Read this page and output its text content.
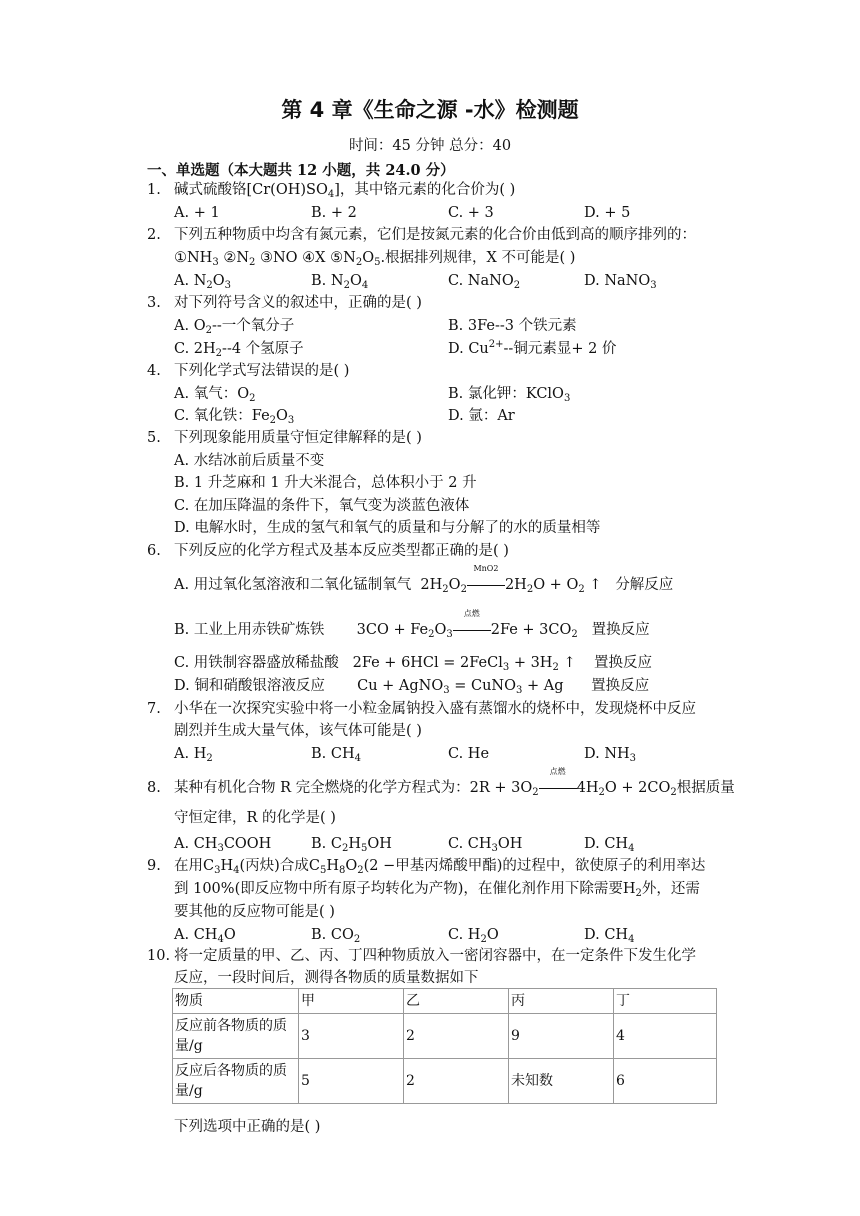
第 4 章《生命之源 -水》检测题
时间：45 分钟 总分：40
一、单选题（本大题共 12 小题，共 24.0 分）
1. 碱式硫酸铬$[Cr(OH)SO_4]$，其中铬元素的化合价为( )
A. + 1	B. + 2	C. + 3	D. + 5
2. 下列五种物质中均含有氮元素，它们是按氮元素的化合价由低到高的顺序排列的：
$①NH_3$ $②N_2$ ③NO ④X $⑤N_2O_5$.根据排列规律，X 不可能是( )
A. $N_2O_3$	B. $N_2O_4$	C. NaNO$_2$	D. NaNO$_3$
3. 对下列符号含义的叙述中，正确的是( )
A. $O_2--$一个氧分子	B. 3Fe--3 个铁元素
C. $2H_2--4$ 个氢原子	D. $Cu^{2+}--$铜元素显+ 2 价
4. 下列化学式写法错误的是( )
A. 氧气：$O_2$	B. 氯化钾：KClO$_3$
C. 氧化铁：$Fe_2O_3$	D. 氩：Ar
5. 下列现象能用质量守恒定律解释的是( )
A. 水结冰前后质量不变
B. 1 升芝麻和 1 升大米混合，总体积小于 2 升
C. 在加压降温的条件下，氧气变为淡蓝色液体
D. 电解水时，生成的氢气和氧气的质量和与分解了的水的质量相等
6. 下列反应的化学方程式及基本反应类型都正确的是( )
A. 用过氧化氢溶液和二氧化锰制氧气 $2H_2O_2$
MnO2
$2H_2O + O_2$ ↑ 分解反应
B. 工业上用赤铁矿炼铁 $3CO + Fe_2O_3$
点燃
$2Fe + 3CO_2$ 置换反应
C. 用铁制容器盛放稀盐酸 2Fe + 6HCl = 2FeCl$_3$ + $3H_2$ ↑ 置换反应
D. 铜和硝酸银溶液反应 Cu + AgNO$_3$ = CuNO$_3$ + Ag 置换反应
7. 小华在一次探究实验中将一小粒金属钠投入盛有蒸馏水的烧杯中，发现烧杯中反应
剧烈并生成大量气体，该气体可能是( )
A. $H_2$	B. $CH_4$	C. He	D. $NH_3$
8. 某种有机化合物 R 完全燃烧的化学方程式为：$2R + 3O_2$
点燃
$4H_2O + 2CO_2$根据质量
守恒定律，R 的化学是( )
A. $CH_3COOH$	B. $C_2H_5OH$	C. $CH_3OH$	D. $CH_4$
9. 在用$C_3H_4$(丙炔)合成$C_5H_8O_2(2$ −甲基丙烯酸甲酯)的过程中，欲使原子的利用率达
到 100%(即反应物中所有原子均转化为产物)，在催化剂作用下除需要$H_2$外，还需
要其他的反应物可能是( )
A. $CH_4O$	B. $CO_2$	C. $H_2O$	D. $CH_4$
10. 将一定质量的甲、乙、丙、丁四种物质放入一密闭容器中，在一定条件下发生化学
反应，一段时间后，测得各物质的质量数据如下
物质	甲	乙	丙	丁
反应前各物质的质量/g	3	2	9	4
反应后各物质的质量/g	5	2	未知数	6
下列选项中正确的是( )
